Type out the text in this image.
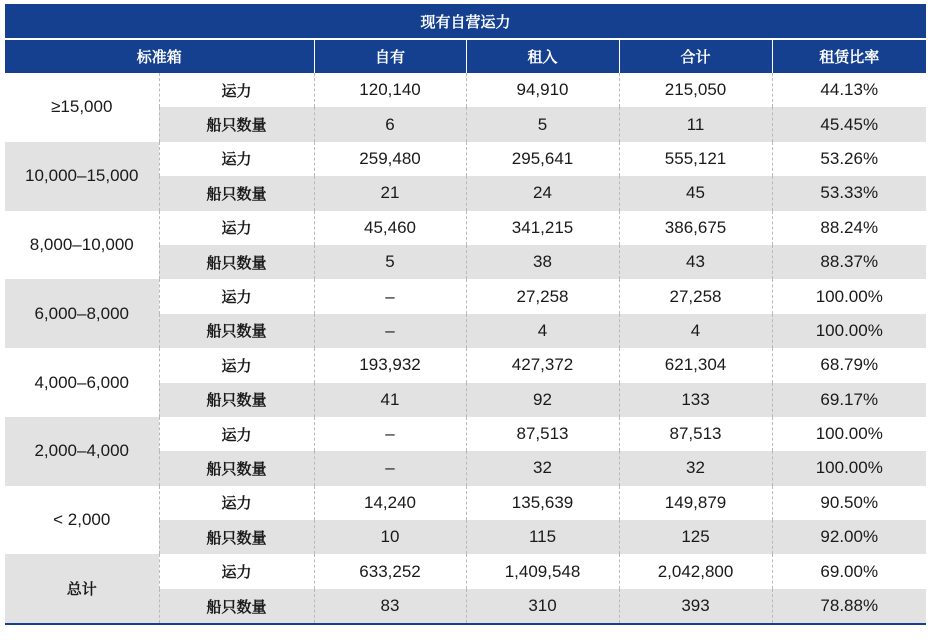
现有自营运力
标准箱		自有	租入	合计	租赁比率
≥15,000	运力	120,140	94,910	215,050	44.13%
	船只数量	6	5	11	45.45%
10,000–15,000	运力	259,480	295,641	555,121	53.26%
	船只数量	21	24	45	53.33%
8,000–10,000	运力	45,460	341,215	386,675	88.24%
	船只数量	5	38	43	88.37%
6,000–8,000	运力	–	27,258	27,258	100.00%
	船只数量	–	4	4	100.00%
4,000–6,000	运力	193,932	427,372	621,304	68.79%
	船只数量	41	92	133	69.17%
2,000–4,000	运力	–	87,513	87,513	100.00%
	船只数量	–	32	32	100.00%
< 2,000	运力	14,240	135,639	149,879	90.50%
	船只数量	10	115	125	92.00%
总计	运力	633,252	1,409,548	2,042,800	69.00%
	船只数量	83	310	393	78.88%
